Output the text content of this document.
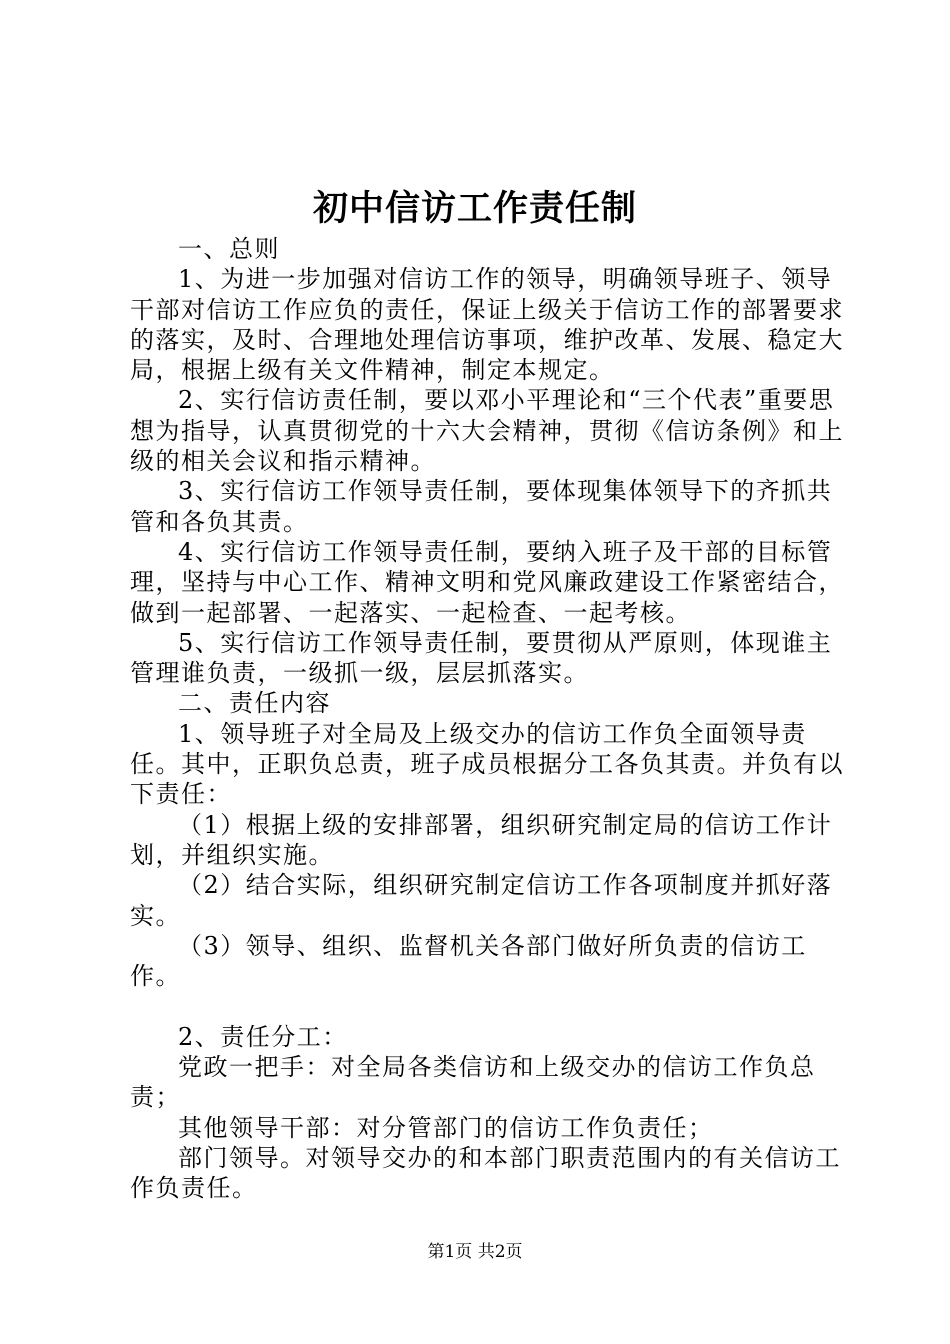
初中信访工作责任制

一、总则

1、为进一步加强对信访工作的领导，明确领导班子、领导干部对信访工作应负的责任，保证上级关于信访工作的部署要求的落实，及时、合理地处理信访事项，维护改革、发展、稳定大局，根据上级有关文件精神，制定本规定。

2、实行信访责任制，要以邓小平理论和“三个代表”重要思想为指导，认真贯彻党的十六大会精神，贯彻《信访条例》和上级的相关会议和指示精神。

3、实行信访工作领导责任制，要体现集体领导下的齐抓共管和各负其责。

4、实行信访工作领导责任制，要纳入班子及干部的目标管理，坚持与中心工作、精神文明和党风廉政建设工作紧密结合，做到一起部署、一起落实、一起检查、一起考核。

5、实行信访工作领导责任制，要贯彻从严原则，体现谁主管理谁负责，一级抓一级，层层抓落实。

二、责任内容

1、领导班子对全局及上级交办的信访工作负全面领导责任。其中，正职负总责，班子成员根据分工各负其责。并负有以下责任：

（1）根据上级的安排部署，组织研究制定局的信访工作计划，并组织实施。

（2）结合实际，组织研究制定信访工作各项制度并抓好落实。

（3）领导、组织、监督机关各部门做好所负责的信访工作。

2、责任分工：

党政一把手：对全局各类信访和上级交办的信访工作负总责；

其他领导干部：对分管部门的信访工作负责任；

部门领导。对领导交办的和本部门职责范围内的有关信访工作负责任。

第1页 共2页
